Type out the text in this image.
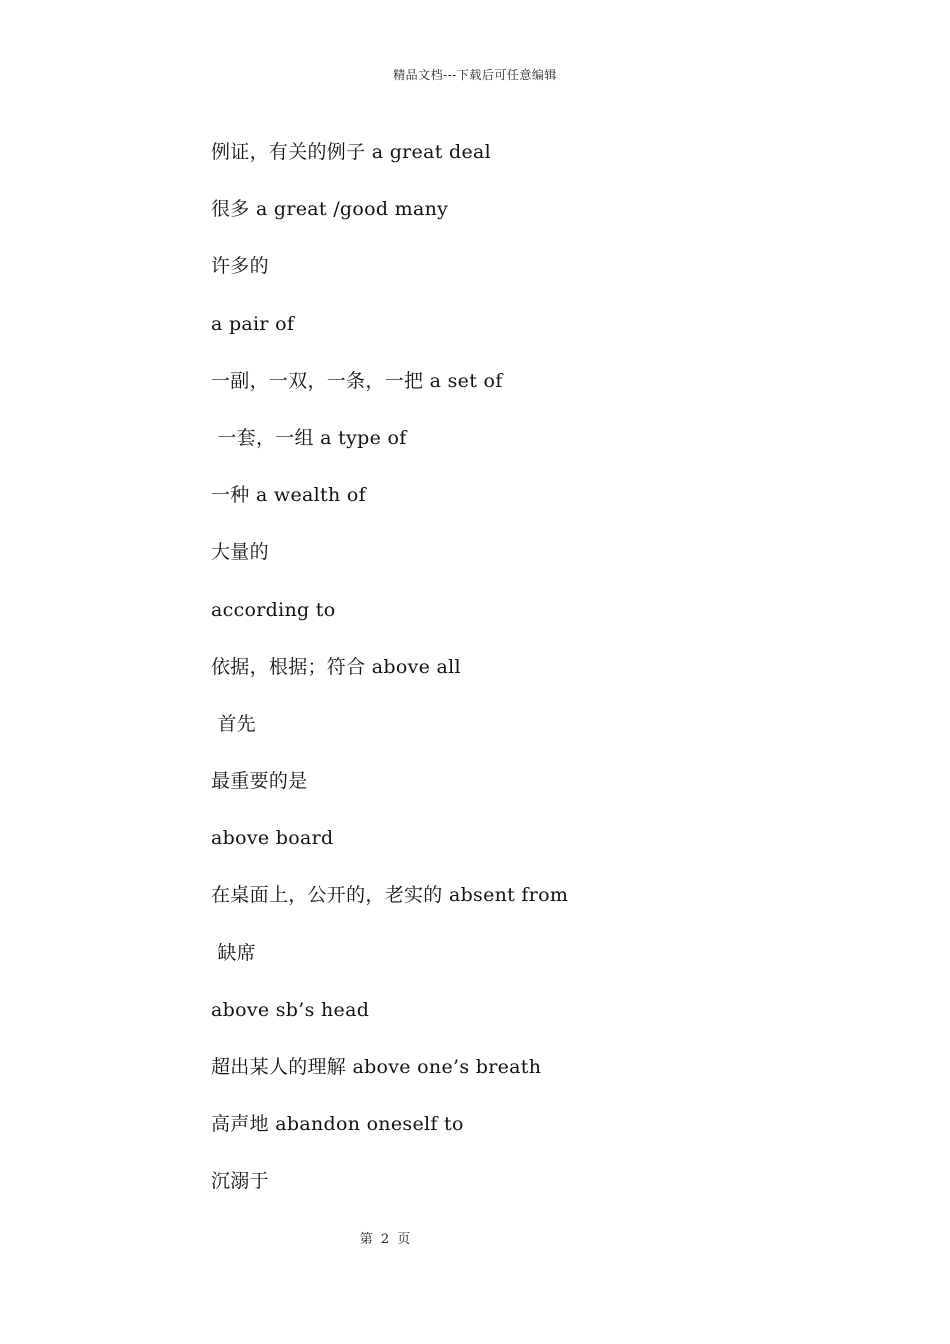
精品文档---下载后可任意编辑
例证，有关的例子 a great deal
很多 a great /good many
许多的
a pair of
一副，一双，一条，一把 a set of
一套，一组 a type of
一种 a wealth of
大量的
according to
依据，根据；符合 above all
首先
最重要的是
above board
在桌面上，公开的，老实的 absent from
缺席
above sb’s head
超出某人的理解 above one’s breath
高声地 abandon oneself to
沉溺于
第 2 页
